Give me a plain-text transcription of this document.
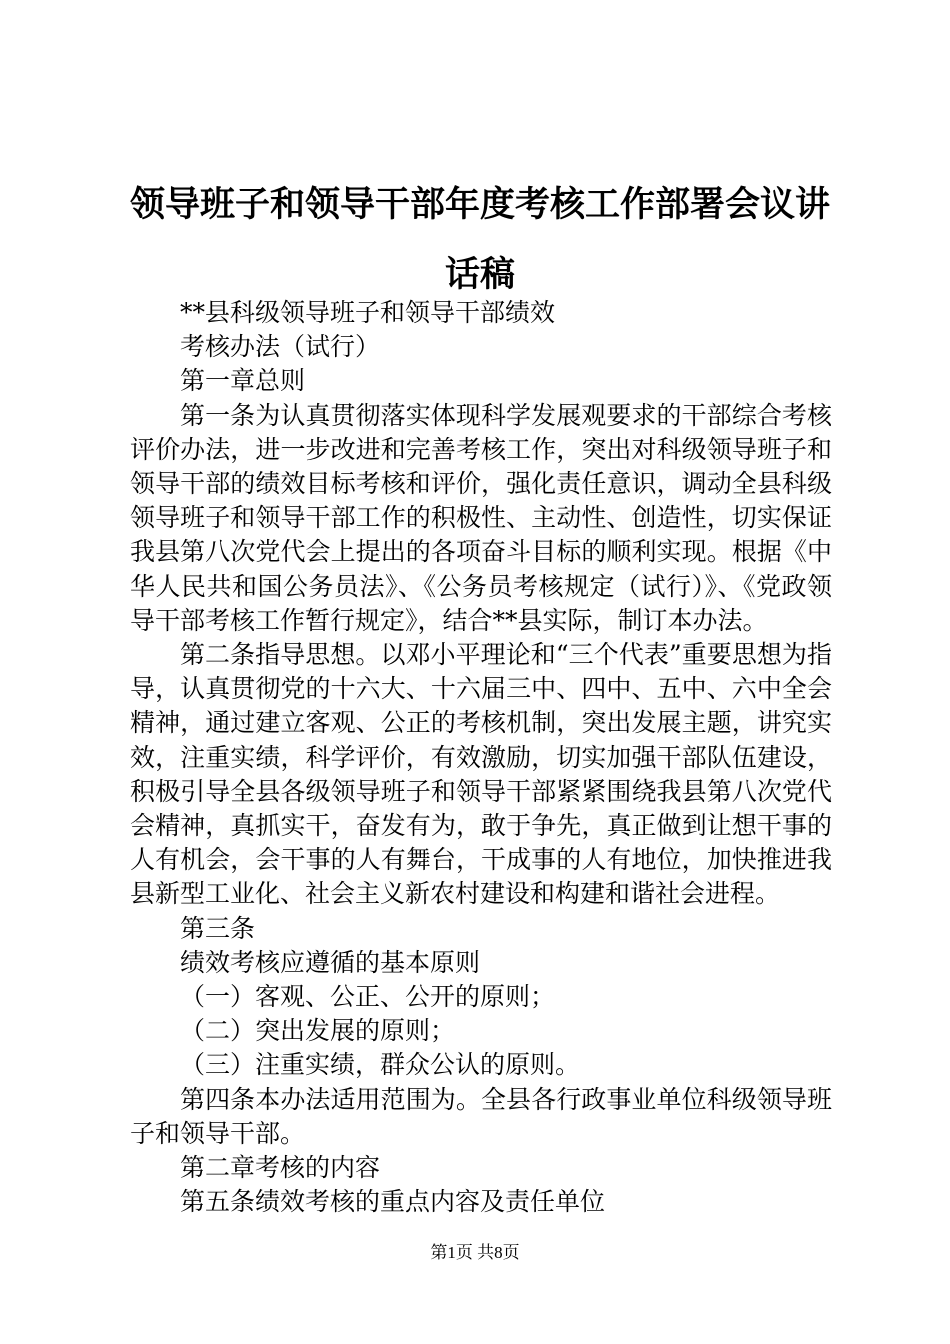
领导班子和领导干部年度考核工作部署会议讲话稿

**县科级领导班子和领导干部绩效

考核办法（试行）

第一章总则

第一条为认真贯彻落实体现科学发展观要求的干部综合考核评价办法，进一步改进和完善考核工作，突出对科级领导班子和领导干部的绩效目标考核和评价，强化责任意识，调动全县科级领导班子和领导干部工作的积极性、主动性、创造性，切实保证我县第八次党代会上提出的各项奋斗目标的顺利实现。根据《中华人民共和国公务员法》、《公务员考核规定（试行）》、《党政领导干部考核工作暂行规定》，结合**县实际，制订本办法。

第二条指导思想。以邓小平理论和“三个代表”重要思想为指导，认真贯彻党的十六大、十六届三中、四中、五中、六中全会精神，通过建立客观、公正的考核机制，突出发展主题，讲究实效，注重实绩，科学评价，有效激励，切实加强干部队伍建设，积极引导全县各级领导班子和领导干部紧紧围绕我县第八次党代会精神，真抓实干，奋发有为，敢于争先，真正做到让想干事的人有机会，会干事的人有舞台，干成事的人有地位，加快推进我县新型工业化、社会主义新农村建设和构建和谐社会进程。

第三条

绩效考核应遵循的基本原则

（一）客观、公正、公开的原则；

（二）突出发展的原则；

（三）注重实绩，群众公认的原则。

第四条本办法适用范围为。全县各行政事业单位科级领导班子和领导干部。

第二章考核的内容

第五条绩效考核的重点内容及责任单位

第1页 共8页
